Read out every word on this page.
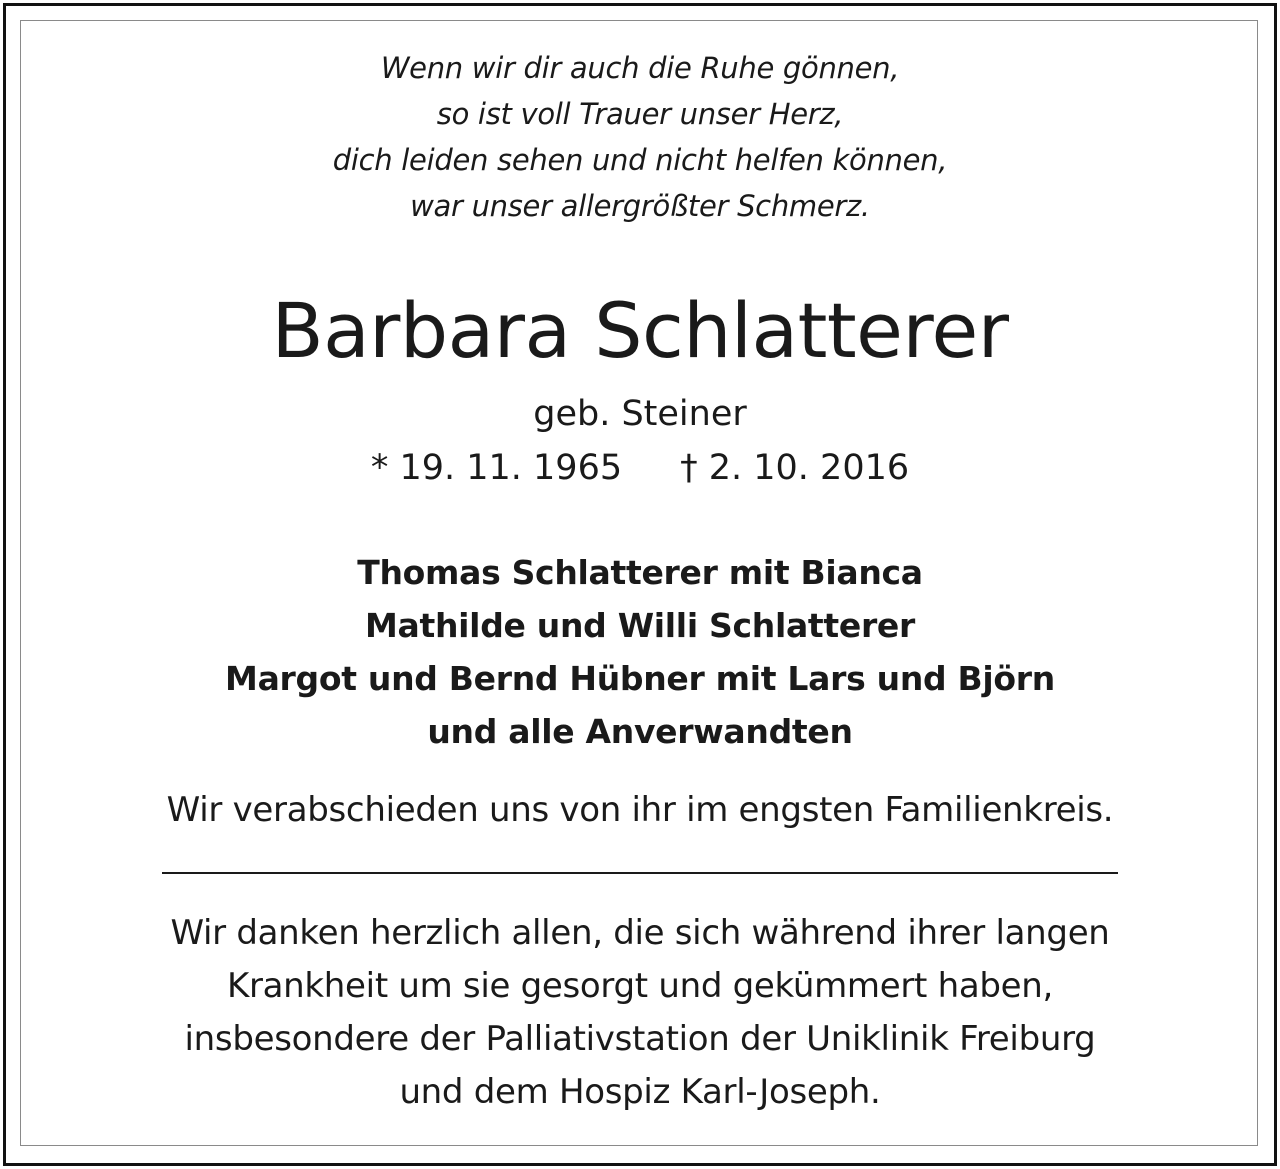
Wenn wir dir auch die Ruhe gönnen,
so ist voll Trauer unser Herz,
dich leiden sehen und nicht helfen können,
war unser allergrößter Schmerz.
Barbara Schlatterer
geb. Steiner
* 19. 11. 1965 † 2. 10. 2016
Thomas Schlatterer mit Bianca
Mathilde und Willi Schlatterer
Margot und Bernd Hübner mit Lars und Björn
und alle Anverwandten
Wir verabschieden uns von ihr im engsten Familienkreis.
Wir danken herzlich allen, die sich während ihrer langen
Krankheit um sie gesorgt und gekümmert haben,
insbesondere der Palliativstation der Uniklinik Freiburg
und dem Hospiz Karl-Joseph.
